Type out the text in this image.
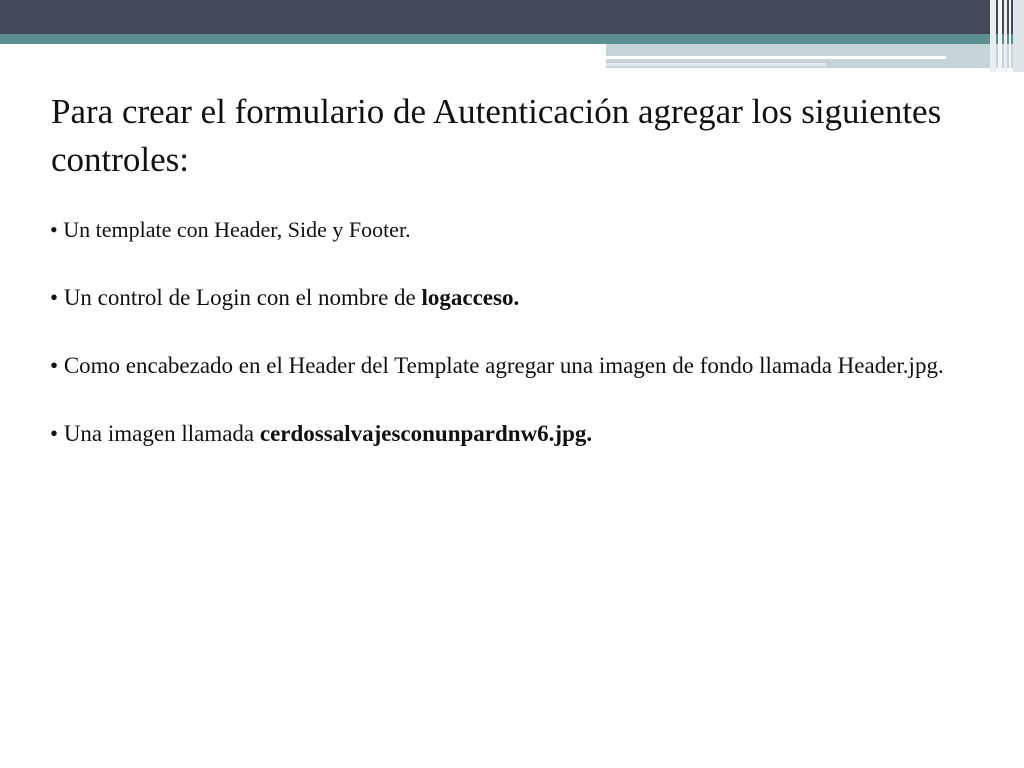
Para crear el formulario de Autenticación agregar los siguientes controles:
• Un template con Header, Side y Footer.
• Un control de Login con el nombre de logacceso.
• Como encabezado en el Header del Template agregar una imagen de fondo llamada Header.jpg.
• Una imagen llamada cerdossalvajesconunpardnw6.jpg.
